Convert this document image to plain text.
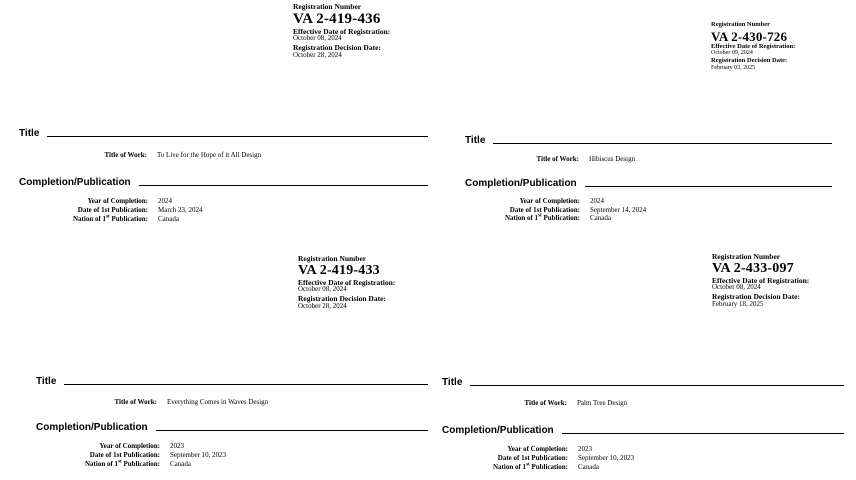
Registration Number
VA 2-419-436
Effective Date of Registration:
October 08, 2024
Registration Decision Date:
October 28, 2024
Title
Title of Work: To Live for the Hope of it All Design
Completion/Publication
Year of Completion: 2024
Date of 1st Publication: March 23, 2024
Nation of 1st Publication: Canada
Registration Number
VA 2-430-726
Effective Date of Registration:
October 09, 2024
Registration Decision Date:
February 03, 2025
Title
Title of Work: Hibiscus Design
Completion/Publication
Year of Completion: 2024
Date of 1st Publication: September 14, 2024
Nation of 1st Publication: Canada
Registration Number
VA 2-419-433
Effective Date of Registration:
October 08, 2024
Registration Decision Date:
October 28, 2024
Title
Title of Work: Everything Comes in Waves Design
Completion/Publication
Year of Completion: 2023
Date of 1st Publication: September 10, 2023
Nation of 1st Publication: Canada
Registration Number
VA 2-433-097
Effective Date of Registration:
October 08, 2024
Registration Decision Date:
February 18, 2025
Title
Title of Work: Palm Tree Design
Completion/Publication
Year of Completion: 2023
Date of 1st Publication: September 10, 2023
Nation of 1st Publication: Canada
